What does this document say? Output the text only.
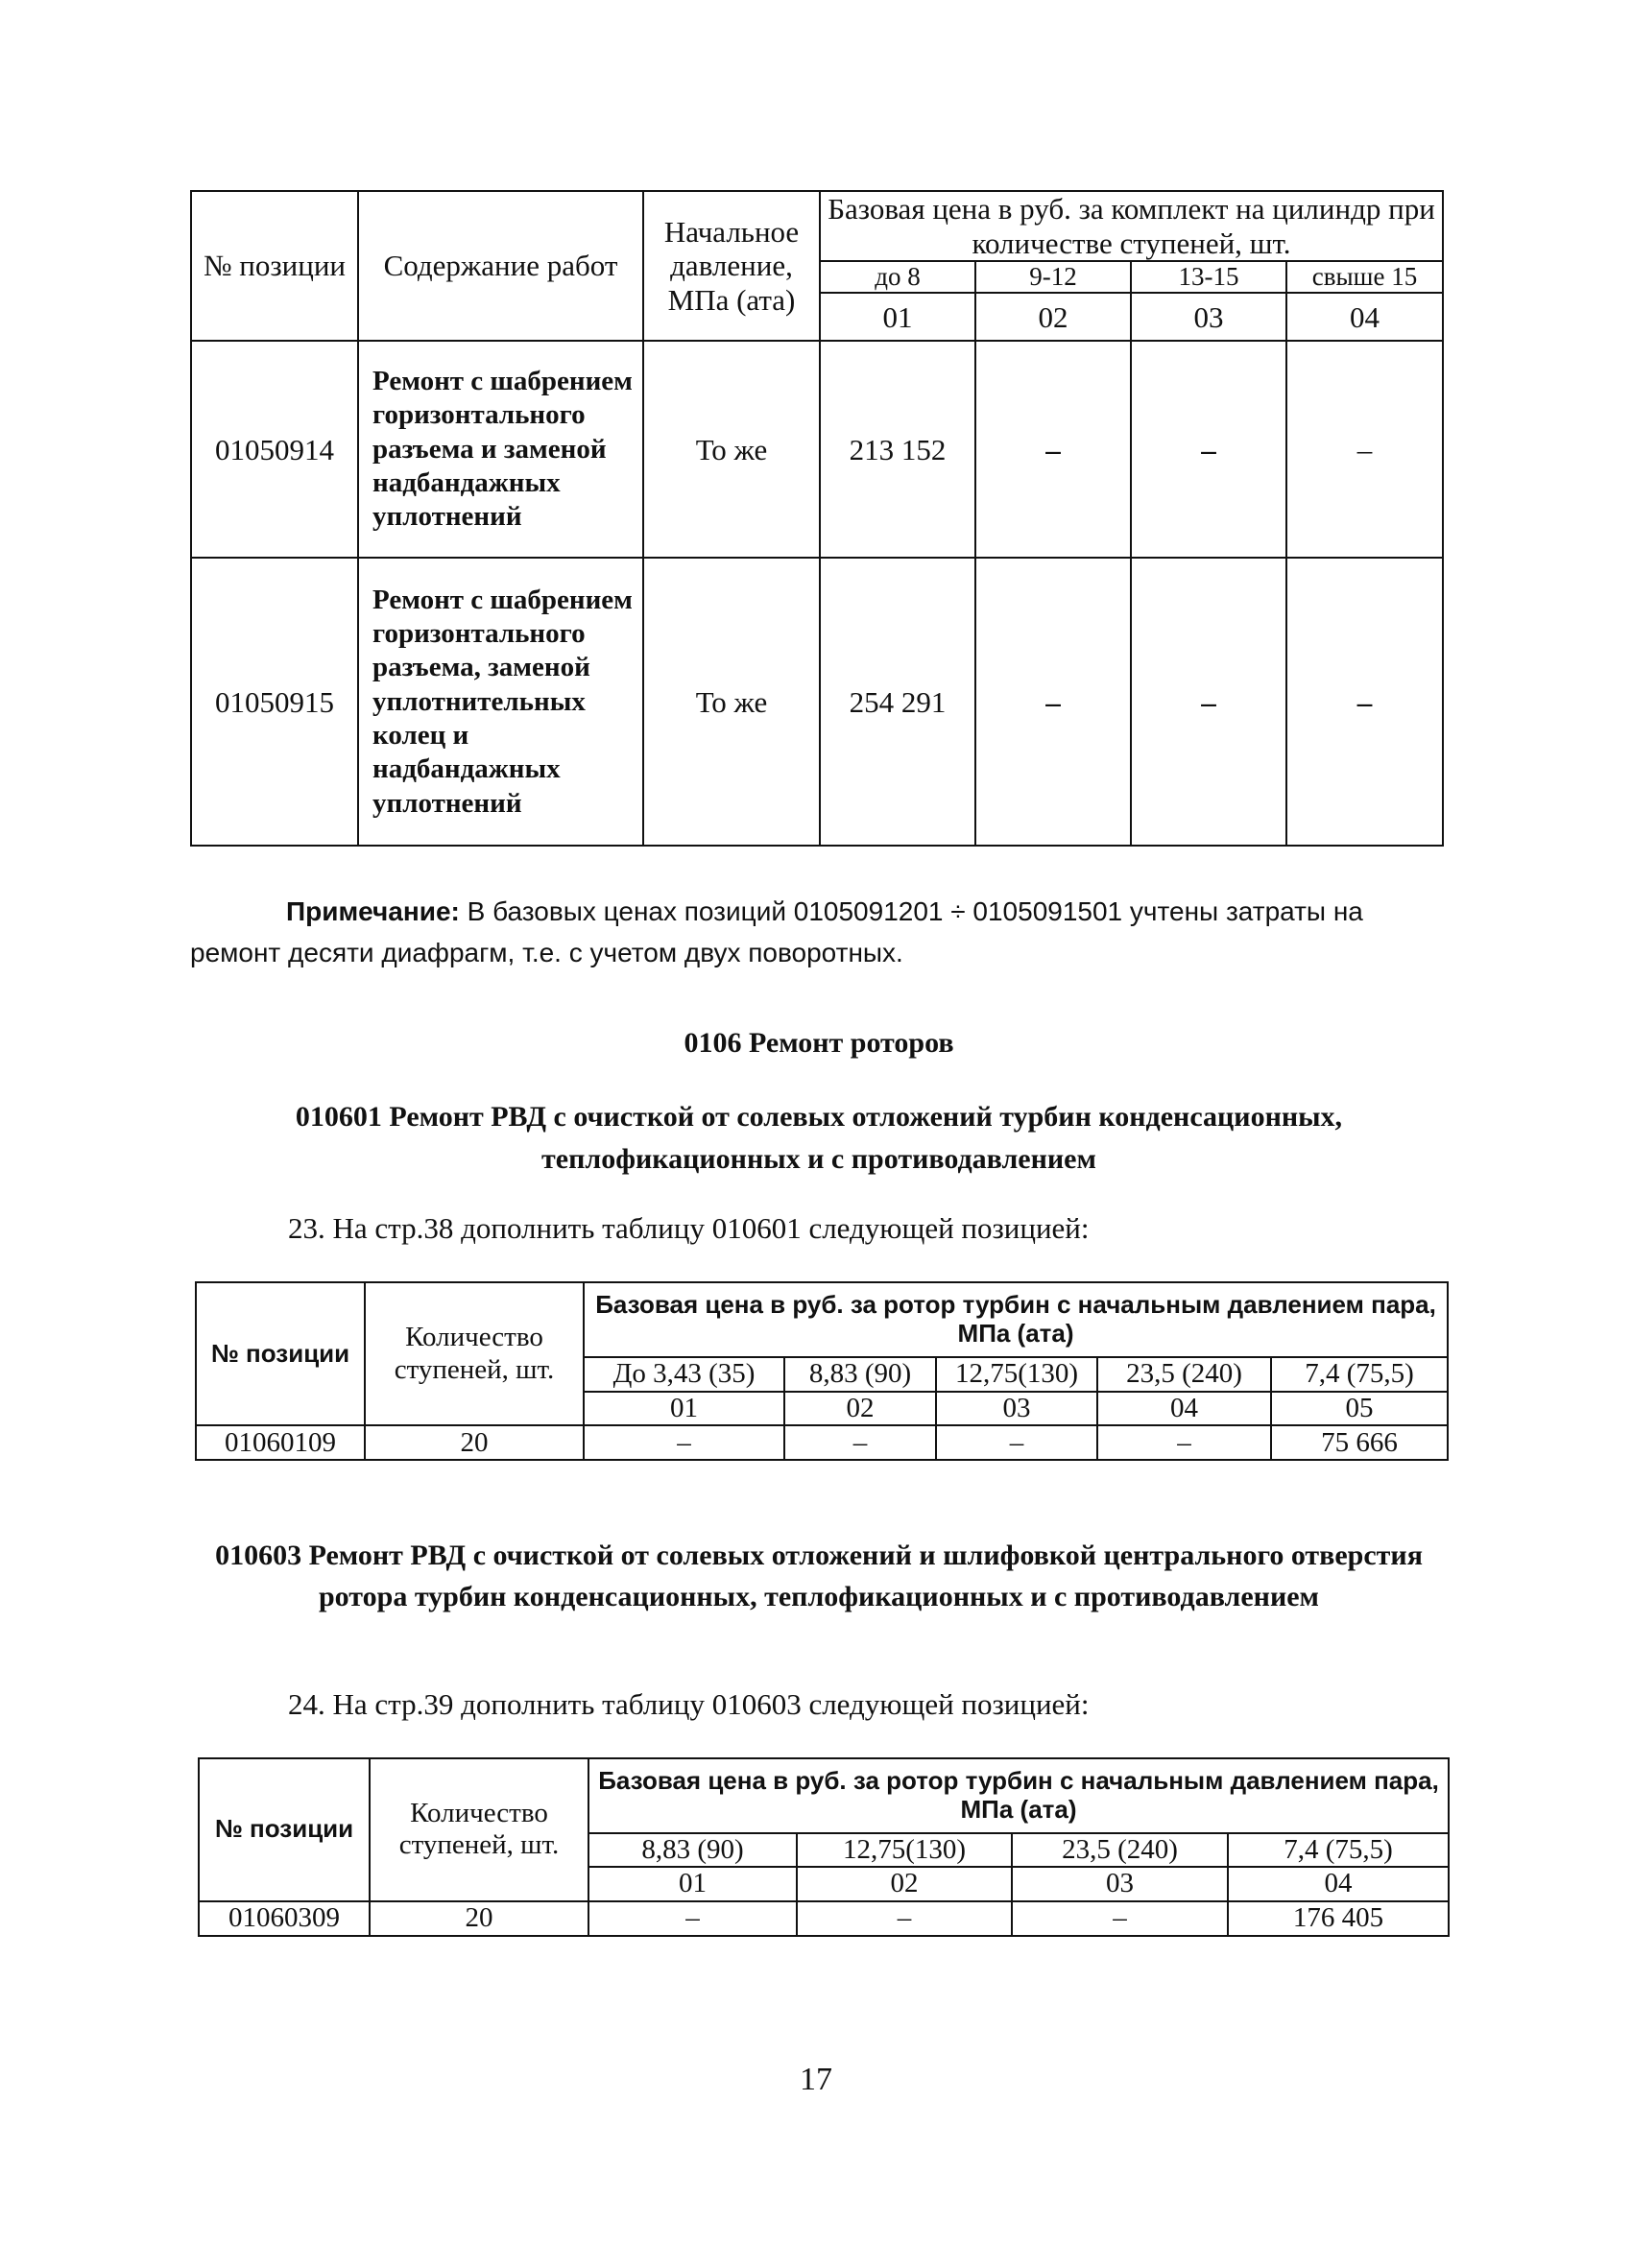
№ позиции	Содержание работ	Начальное давление, МПа (ата)	Базовая цена в руб. за комплект на цилиндр при количестве ступеней, шт.			
			до 8	9-12	13-15	свыше 15
			01	02	03	04
01050914	Ремонт с шабрением горизонтального разъема и заменой надбандажных уплотнений	То же	213 152	–	–	–
01050915	Ремонт с шабрением горизонтального разъема, заменой уплотнительных колец и надбандажных уплотнений	То же	254 291	–	–	–
Примечание: В базовых ценах позиций 0105091201 ÷ 0105091501 учтены затраты на ремонт десяти диафрагм, т.е. с учетом двух поворотных.
0106 Ремонт роторов
010601 Ремонт РВД с очисткой от солевых отложений турбин конденсационных, теплофикационных и с противодавлением
23. На стр.38 дополнить таблицу 010601 следующей позицией:
№ позиции	Количество ступеней, шт.	Базовая цена в руб. за ротор турбин с начальным давлением пара, МПа (ата)				
		До 3,43 (35)	8,83 (90)	12,75(130)	23,5 (240)	7,4 (75,5)
		01	02	03	04	05
01060109	20	–	–	–	–	75 666
010603 Ремонт РВД с очисткой от солевых отложений и шлифовкой центрального отверстия ротора турбин конденсационных, теплофикационных и с противодавлением
24. На стр.39 дополнить таблицу 010603 следующей позицией:
№ позиции	Количество ступеней, шт.	Базовая цена в руб. за ротор турбин с начальным давлением пара, МПа (ата)			
		8,83 (90)	12,75(130)	23,5 (240)	7,4 (75,5)
		01	02	03	04
01060309	20	–	–	–	176 405
17
